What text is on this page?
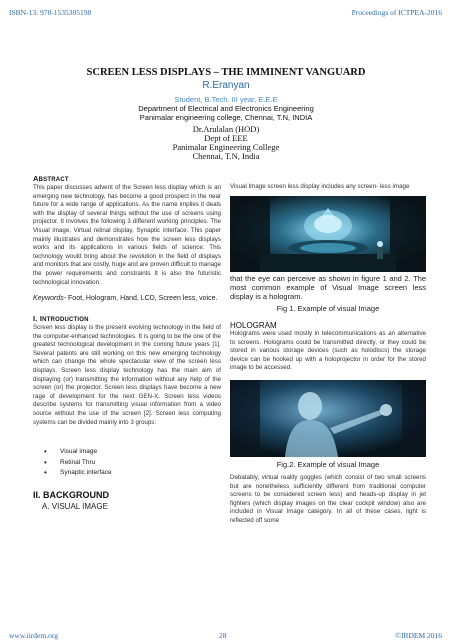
ISBN-13: 978-1535305198	Proceedings of ICTPEA-2016
SCREEN LESS DISPLAYS – THE IMMINENT VANGUARD
R.Eranyan
Student, B.Tech. III year, E.E.E
Department of Electrical and Electronics Engineering
Panimalar engineering college, Chennai, T.N, INDIA
Dr.Arulalan (HOD)
Dept of EEE
Panimalar Engineering College
Chennai, T.N, India
ABSTRACT
This paper discusses advent of the Screen less display which is an emerging new technology, has become a good prospect in the near future for a wide range of applications. As the name implies it deals with the display of several things without the use of screens using projector. It involves the following 3 different working principles. The Visual image, Virtual retinal display, Synaptic interface. This paper mainly illustrates and demonstrates how the screen less displays works and its applications in various fields of science. This technology would bring about the revolution in the field of displays and monitors that are costly, huge and are proven difficult to manage the power requirements and constraints It is also the futuristic technological innovation.
Keywords- Foot, Hologram, Hand, LCD, Screen less, voice.
I. INTRODUCTION
Screen less display is the present evolving technology in the field of the computer-enhanced technologies. It is going to be the one of the greatest technological development in the coming future years [1]. Several patents are still working on this new emerging technology which can change the whole spectacular view of the screen less displays. Screen less display technology has the main aim of displaying (or) transmitting the information without any help of the screen (or) the projector. Screen less displays have become a new rage of development for the next GEN-X. Screen less videos describe systems for transmitting visual information from a video source without the use of the screen [2]. Screen less computing systems can be divided mainly into 3 groups:
• Visual image
• Retinal Thru
• Synaptic interface
II. BACKGROUND
A. VISUAL IMAGE
Visual Image screen less display includes any screen- less image
that the eye can perceive as shown in figure 1 and 2. The most common example of Visual Image screen less display is a hologram.
Fig 1. Example of visual Image
HOLOGRAM
Holograms were used mostly in telecommunications as an alternative to screens. Holograms could be transmitted directly, or they could be stored in various storage devices (such as holodiscs) the storage device can be hooked up with a holoprojector in order for the stored image to be accessed.
Fig.2. Example of visual Image
Debatably, virtual reality goggles (which consist of two small screens but are nonetheless sufficiently different from traditional computer screens to be considered screen less) and heads-up display in jet fighters (which display images on the clear cockpit window) also are included in Visual Image category. In all of these cases, light is reflected off some
www.iirdem.org	28	©IRDEM 2016
